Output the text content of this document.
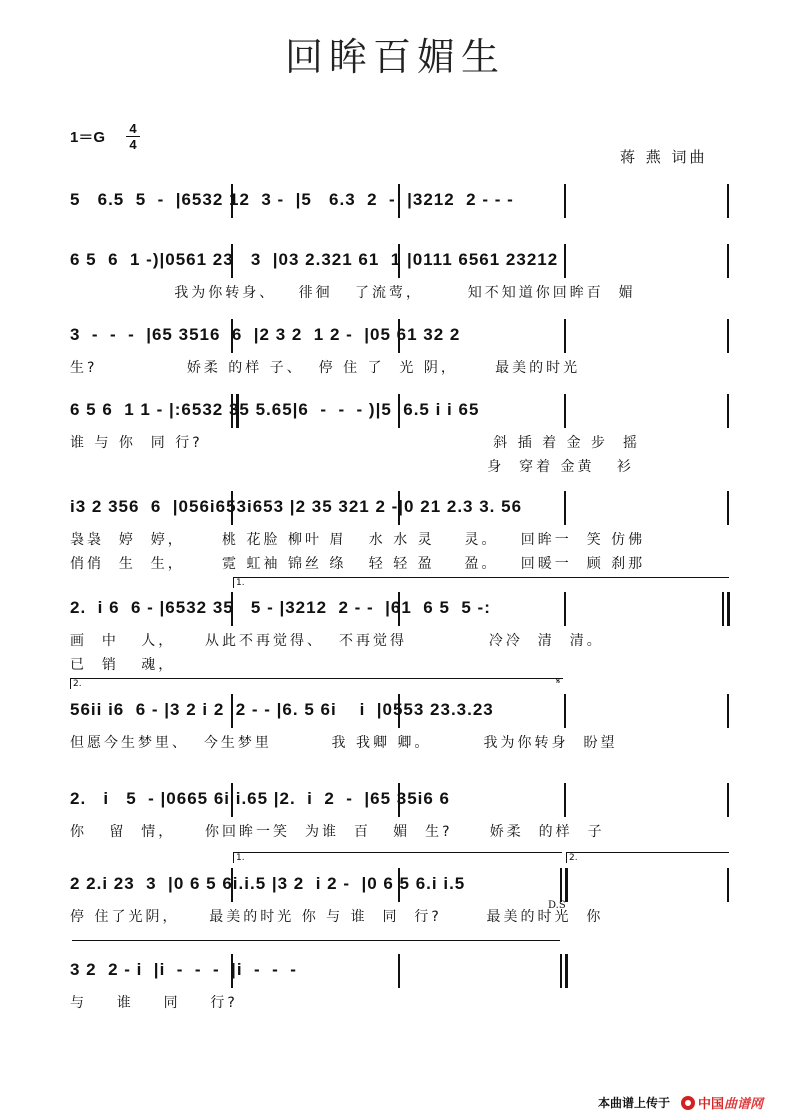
回眸百媚生
1＝G
4
4
蒋 燕 词曲
5   6.5  5  -  |6532 12  3 -  |5   6.3  2  -  |3212  2 - - -
6 5  6  1 -)|0561 23   3  |03 2.321 61  1 |0111 6561 23212
我为你转身、   徘徊   了流莺，      知不知道你回眸百  媚
3  -  -  -  |65 3516  6  |2 3 2  1 2 -  |05 61 32 2
生?            娇柔 的样 子、  停 住 了  光 阴，     最美的时光
6 5 6  1 1 - |:6532 35 5.65|6  -  -  - )|5  6.5 i i 65
谁 与 你  同 行?                                       斜 插 着 金 步  摇
身  穿着 金黄   衫
i3 2 356  6  |056i653i653 |2 35 321 2 -|0 21 2.3 3. 56
袅袅  婷  婷，     桃 花脸 柳叶 眉   水 水 灵    灵。   回眸一  笑 仿佛
俏俏  生  生，     霓 虹袖 锦丝 绦   轻 轻 盈    盈。   回暖一  顾 刹那
1.
2.  i 6  6 - |6532 35   5 - |3212  2 - -  |61  6 5  5 -:
画  中   人，    从此不再觉得、  不再觉得           冷冷  清  清。
已  销   魂，
2.	𝄋
56ii i6  6 - |3 2 i 2  2 - - |6. 5 6i    i  |0553 23.3.23
但愿今生梦里、  今生梦里        我 我卿 卿。       我为你转身  盼望
2.   i   5  - |0665 6i i.65 |2.  i  2  -  |65 35i6 6
你   留  情，    你回眸一笑  为谁  百   媚  生?     娇柔  的样  子
1.	2.
2 2.i 23  3  |0 6 5 6i.i.5 |3 2  i 2 -  |0 6 5 6.i i.5
停 住了光阴，    最美的时光 你 与 谁  同  行?      最美的时光  你
D.S
3 2  2 - i  |i  -  -  -  |i  -  -  -
与    谁    同    行?
本曲谱上传于 中国 曲谱网
